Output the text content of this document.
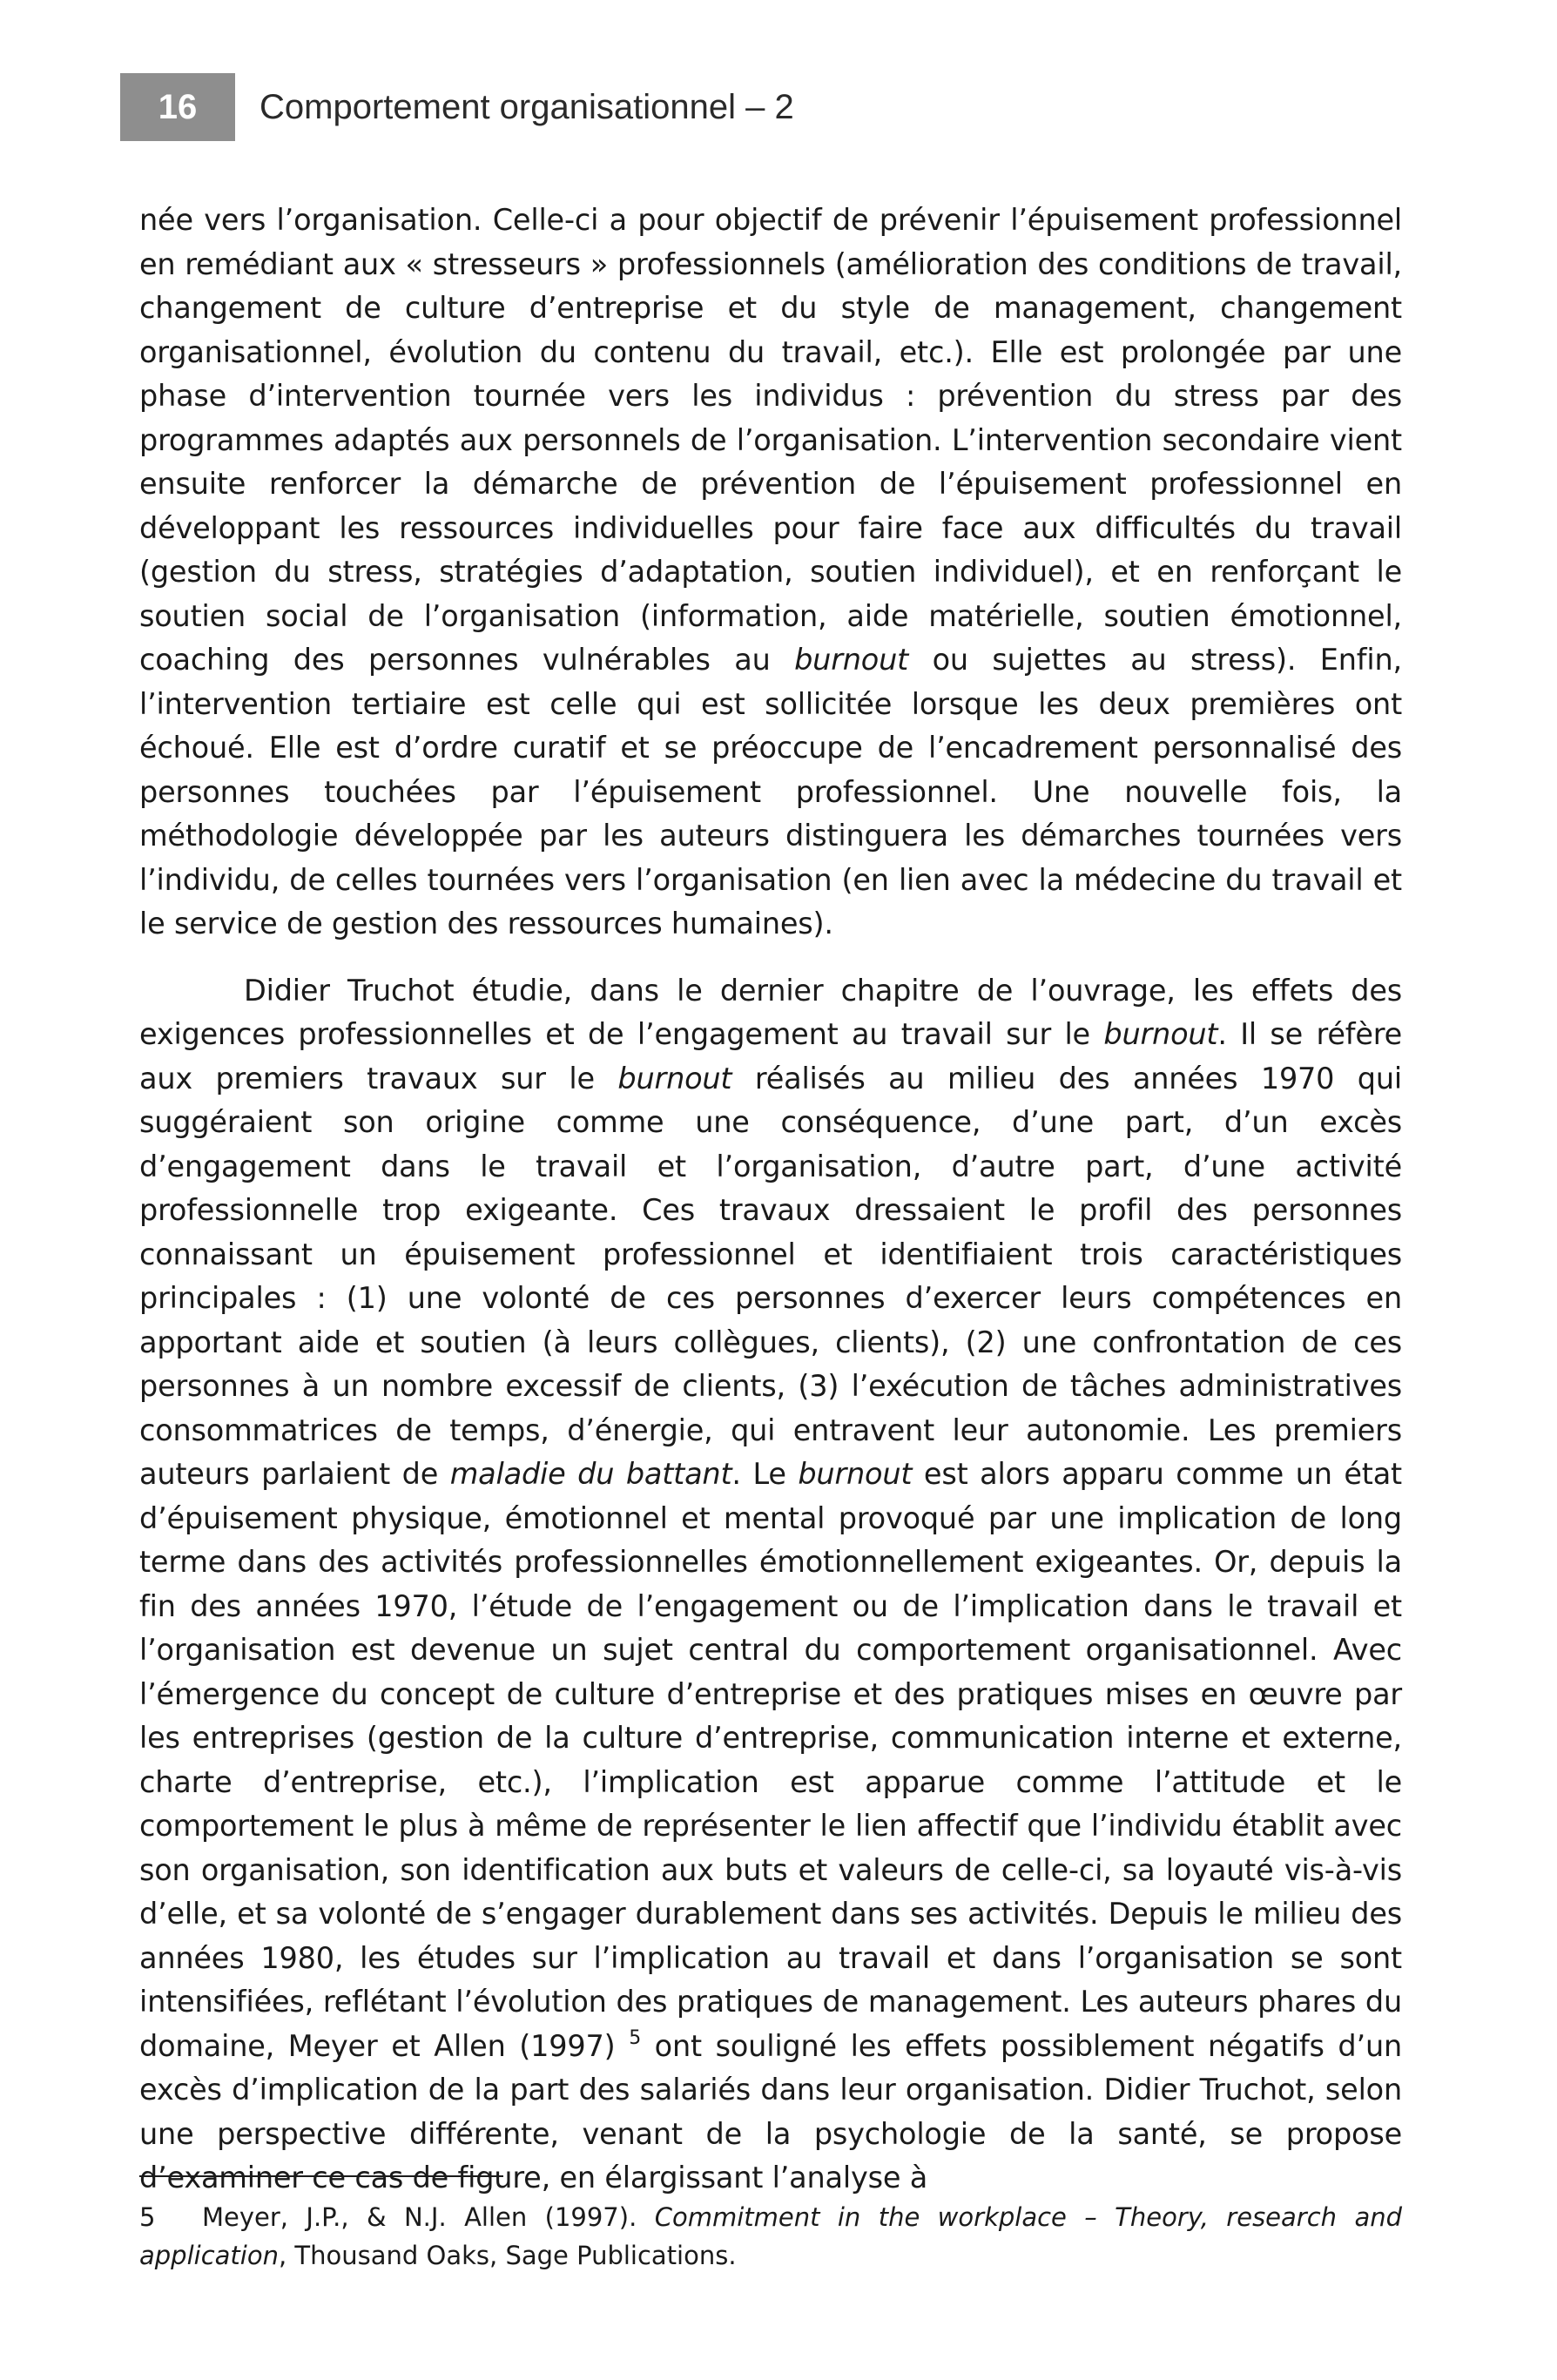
16	Comportement organisationnel – 2

née vers l’organisation. Celle-ci a pour objectif de prévenir l’épuisement professionnel en remédiant aux « stresseurs » professionnels (amélioration des conditions de travail, changement de culture d’entreprise et du style de management, changement organisationnel, évolution du contenu du travail, etc.). Elle est prolongée par une phase d’intervention tournée vers les individus : prévention du stress par des programmes adaptés aux personnels de l’organisation. L’intervention secondaire vient ensuite renforcer la démarche de prévention de l’épuisement professionnel en développant les ressources individuelles pour faire face aux difficultés du travail (gestion du stress, stratégies d’adaptation, soutien individuel), et en renforçant le soutien social de l’organisation (information, aide matérielle, soutien émotionnel, coaching des personnes vulnérables au burnout ou sujettes au stress). Enfin, l’intervention tertiaire est celle qui est sollicitée lorsque les deux premières ont échoué. Elle est d’ordre curatif et se préoccupe de l’encadrement personnalisé des personnes touchées par l’épuisement professionnel. Une nouvelle fois, la méthodologie développée par les auteurs distinguera les démarches tournées vers l’individu, de celles tournées vers l’organisation (en lien avec la médecine du travail et le service de gestion des ressources humaines).

Didier Truchot étudie, dans le dernier chapitre de l’ouvrage, les effets des exigences professionnelles et de l’engagement au travail sur le burnout. Il se réfère aux premiers travaux sur le burnout réalisés au milieu des années 1970 qui suggéraient son origine comme une conséquence, d’une part, d’un excès d’engagement dans le travail et l’organisation, d’autre part, d’une activité professionnelle trop exigeante. Ces travaux dressaient le profil des personnes connaissant un épuisement professionnel et identifiaient trois caractéristiques principales : (1) une volonté de ces personnes d’exercer leurs compétences en apportant aide et soutien (à leurs collègues, clients), (2) une confrontation de ces personnes à un nombre excessif de clients, (3) l’exécution de tâches administratives consommatrices de temps, d’énergie, qui entravent leur autonomie. Les premiers auteurs parlaient de maladie du battant. Le burnout est alors apparu comme un état d’épuisement physique, émotionnel et mental provoqué par une implication de long terme dans des activités professionnelles émotionnellement exigeantes. Or, depuis la fin des années 1970, l’étude de l’engagement ou de l’implication dans le travail et l’organisation est devenue un sujet central du comportement organisationnel. Avec l’émergence du concept de culture d’entreprise et des pratiques mises en œuvre par les entreprises (gestion de la culture d’entreprise, communication interne et externe, charte d’entreprise, etc.), l’implication est apparue comme l’attitude et le comportement le plus à même de représenter le lien affectif que l’individu établit avec son organisation, son identification aux buts et valeurs de celle-ci, sa loyauté vis-à-vis d’elle, et sa volonté de s’engager durablement dans ses activités. Depuis le milieu des années 1980, les études sur l’implication au travail et dans l’organisation se sont intensifiées, reflétant l’évolution des pratiques de management. Les auteurs phares du domaine, Meyer et Allen (1997) $^5$ ont souligné les effets possiblement négatifs d’un excès d’implication de la part des salariés dans leur organisation. Didier Truchot, selon une perspective différente, venant de la psychologie de la santé, se propose d’examiner ce cas de figure, en élargissant l’analyse à

5 Meyer, J.P., & N.J. Allen (1997). Commitment in the workplace – Theory, research and application, Thousand Oaks, Sage Publications.
